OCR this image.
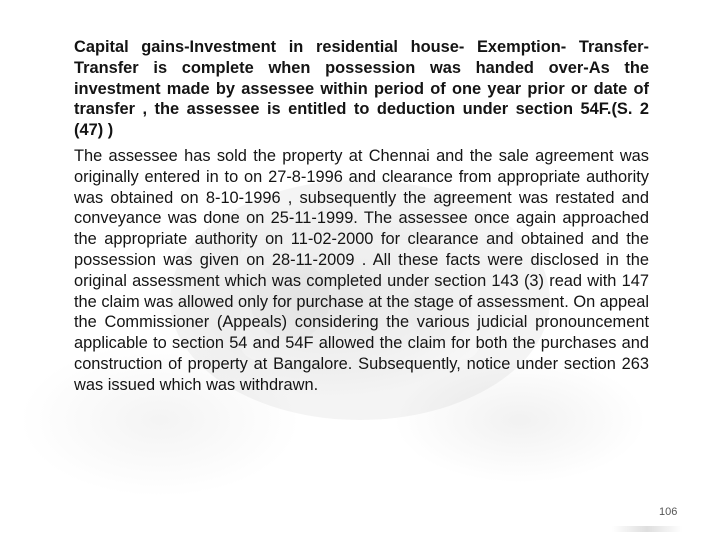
Capital gains-Investment in residential house- Exemption- Transfer- Transfer is complete when possession was handed over-As the investment made by assessee within period of one year prior or date of transfer , the assessee is entitled to deduction under section 54F.(S. 2 (47) )

The assessee has sold the property at Chennai and the sale agreement was originally entered in to on 27-8-1996 and clearance from appropriate authority was obtained on 8-10-1996 , subsequently the agreement was restated and conveyance was done on 25-11-1999. The assessee once again approached the appropriate authority on 11-02-2000 for clearance and obtained and the possession was given on 28-11-2009 . All these facts were disclosed in the original assessment which was completed under section 143 (3) read with 147 the claim was allowed only for purchase at the stage of assessment. On appeal the Commissioner (Appeals) considering the various judicial pronouncement applicable to section 54 and 54F allowed the claim for both the purchases and construction of property at Bangalore. Subsequently, notice under section 263 was issued which was withdrawn.

106
